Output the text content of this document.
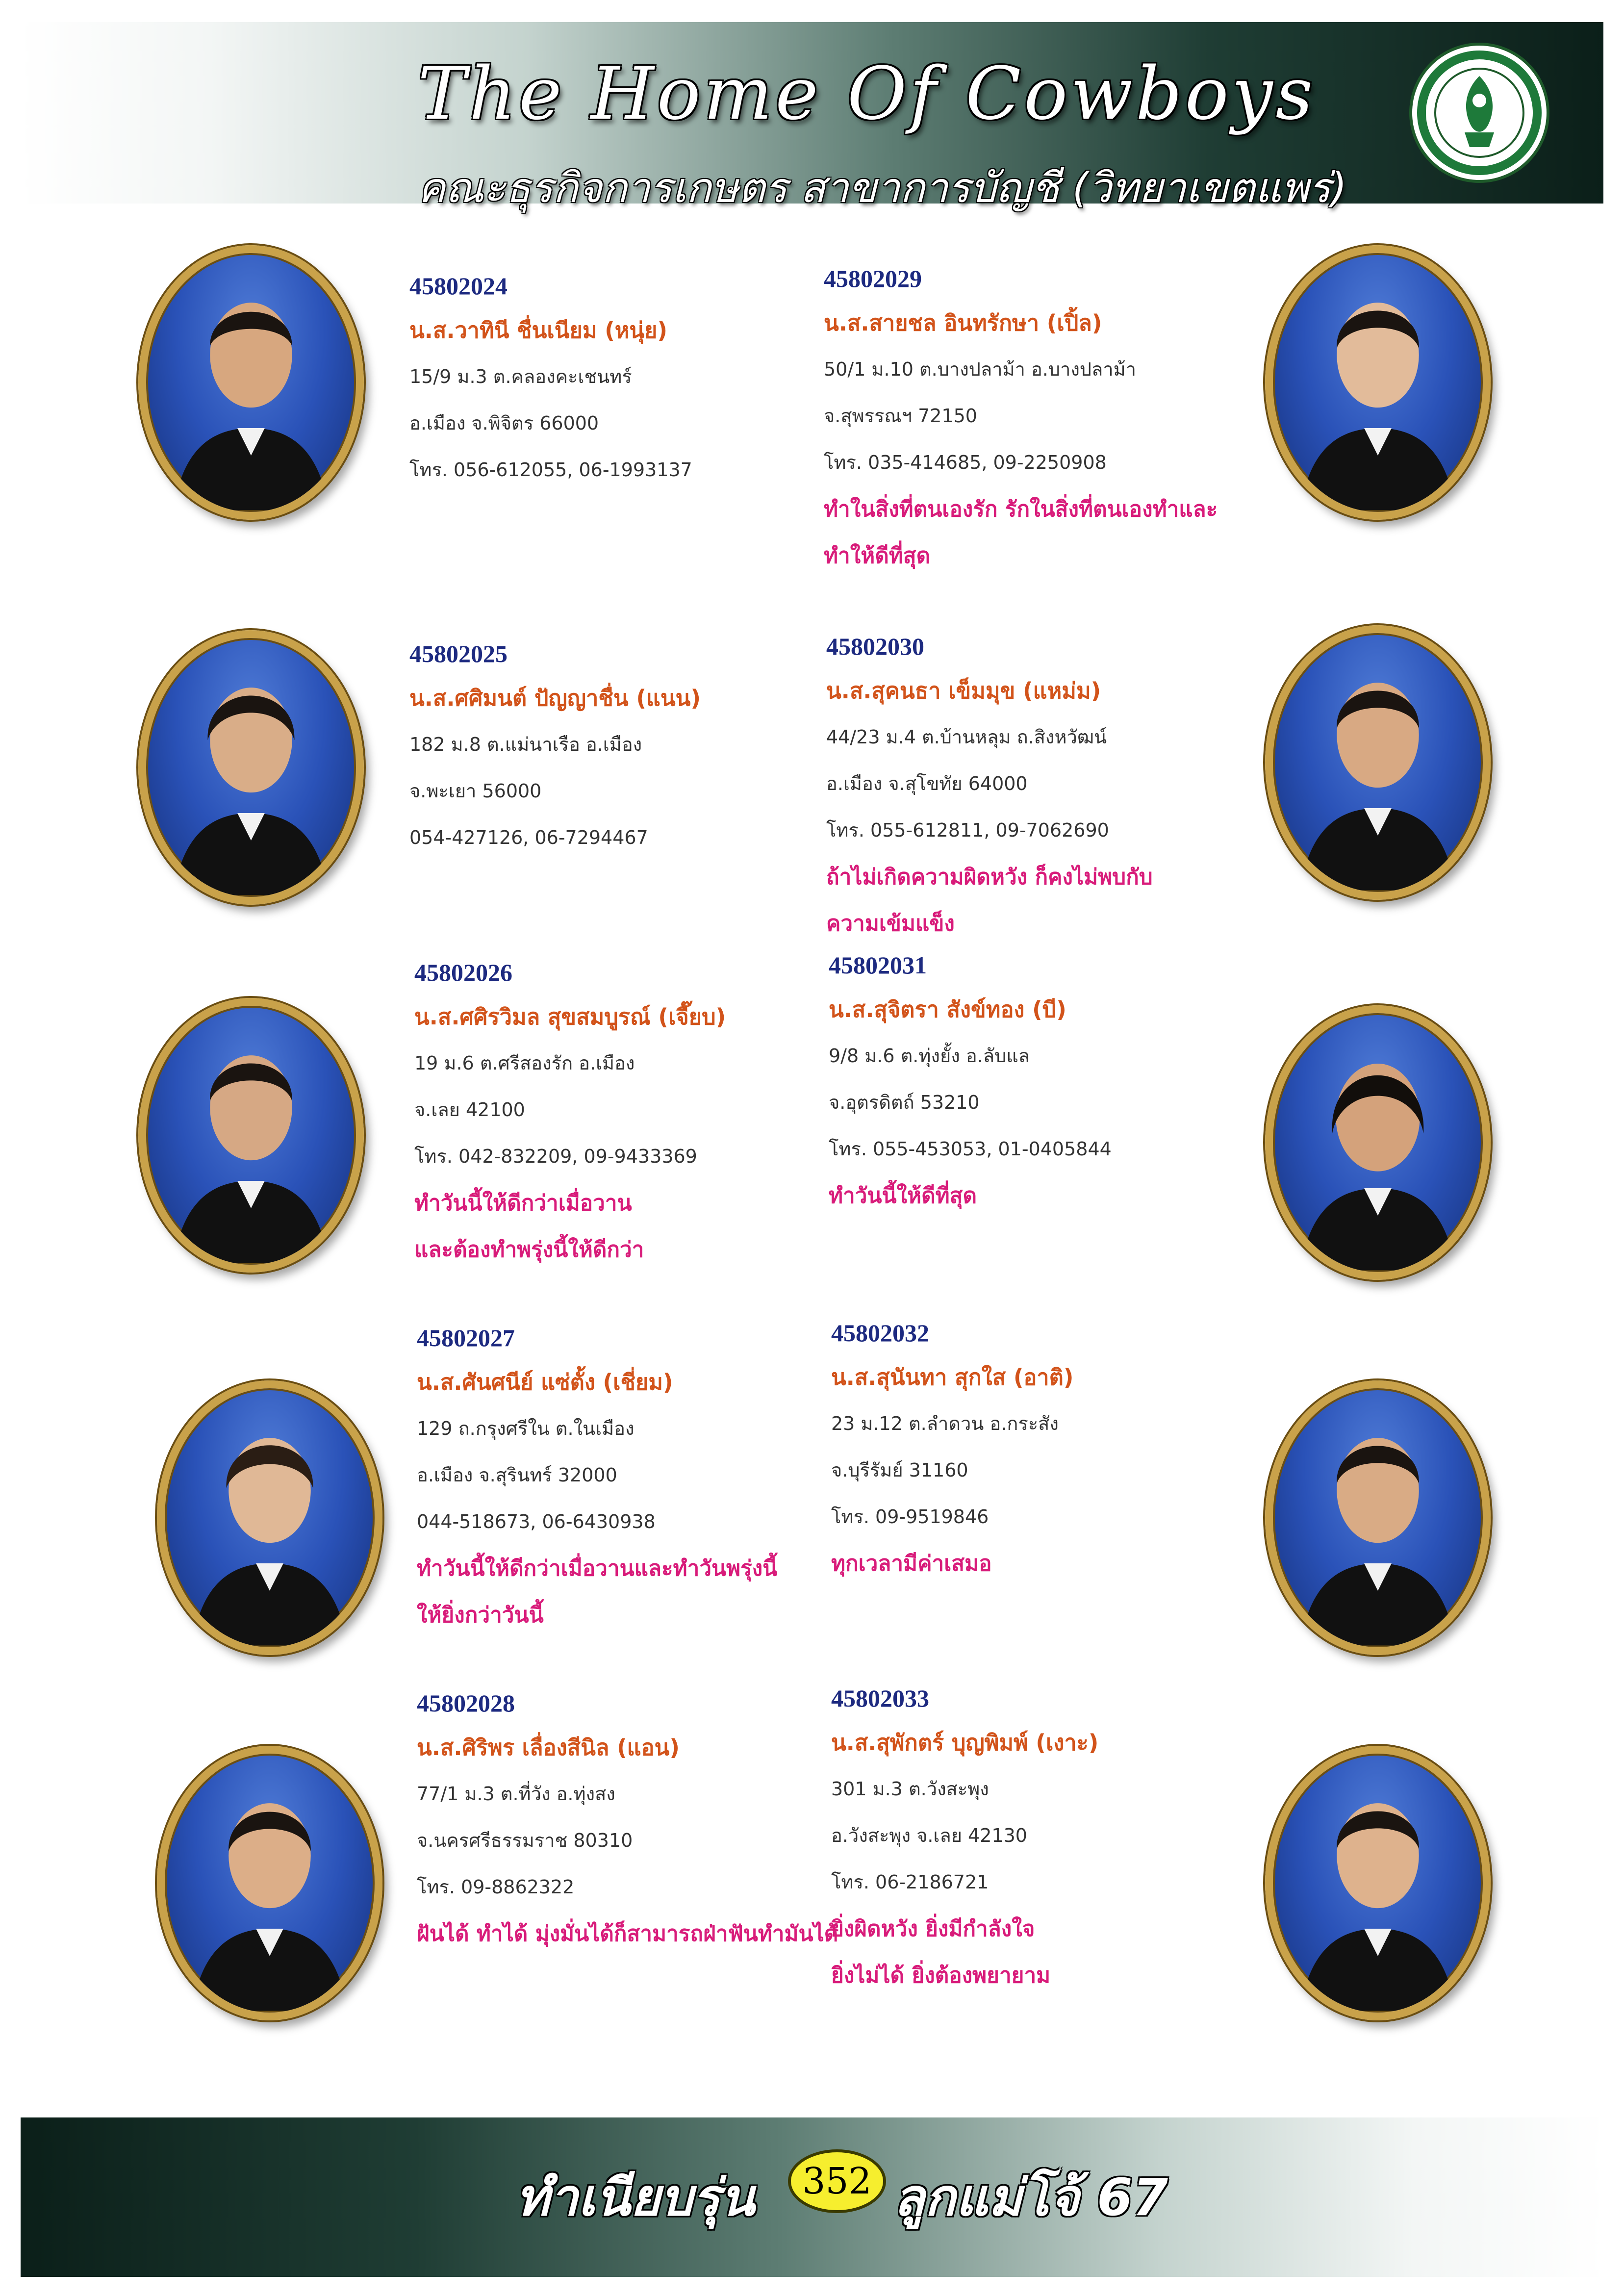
The Home Of Cowboys
คณะธุรกิจการเกษตร สาขาการบัญชี (วิทยาเขตแพร่)
45802024
น.ส.วาทินี ชื่นเนียม (หนุ่ย)
15/9 ม.3 ต.คลองคะเชนทร์
อ.เมือง จ.พิจิตร 66000
โทร. 056-612055, 06-1993137
45802025
น.ส.ศศิมนต์ ปัญญาชื่น (แนน)
182 ม.8 ต.แม่นาเรือ อ.เมือง
จ.พะเยา 56000
054-427126, 06-7294467
45802026
น.ส.ศศิรวิมล สุขสมบูรณ์ (เจี๊ยบ)
19 ม.6 ต.ศรีสองรัก อ.เมือง
จ.เลย 42100
โทร. 042-832209, 09-9433369
ทำวันนี้ให้ดีกว่าเมื่อวาน
และต้องทำพรุ่งนี้ให้ดีกว่า
45802027
น.ส.ศันศนีย์ แซ่ตั้ง (เชี่ยม)
129 ถ.กรุงศรีใน ต.ในเมือง
อ.เมือง จ.สุรินทร์ 32000
044-518673, 06-6430938
ทำวันนี้ให้ดีกว่าเมื่อวานและทำวันพรุ่งนี้
ให้ยิ่งกว่าวันนี้
45802028
น.ส.ศิริพร เลื่องสีนิล (แอน)
77/1 ม.3 ต.ที่วัง อ.ทุ่งสง
จ.นครศรีธรรมราช 80310
โทร. 09-8862322
ฝันได้ ทำได้ มุ่งมั่นได้ก็สามารถฝ่าฟันทำมันได้
45802029
น.ส.สายชล อินทรักษา (เปิ้ล)
50/1 ม.10 ต.บางปลาม้า อ.บางปลาม้า
จ.สุพรรณฯ 72150
โทร. 035-414685, 09-2250908
ทำในสิ่งที่ตนเองรัก รักในสิ่งที่ตนเองทำและ
ทำให้ดีที่สุด
45802030
น.ส.สุคนธา เข็มมุข (แหม่ม)
44/23 ม.4 ต.บ้านหลุม ถ.สิงหวัฒน์
อ.เมือง จ.สุโขทัย 64000
โทร. 055-612811, 09-7062690
ถ้าไม่เกิดความผิดหวัง ก็คงไม่พบกับ
ความเข้มแข็ง
45802031
น.ส.สุจิตรา สังข์ทอง (บี)
9/8 ม.6 ต.ทุ่งยั้ง อ.ลับแล
จ.อุตรดิตถ์ 53210
โทร. 055-453053, 01-0405844
ทำวันนี้ให้ดีที่สุด
45802032
น.ส.สุนันทา สุกใส (อาติ)
23 ม.12 ต.ลำดวน อ.กระสัง
จ.บุรีรัมย์ 31160
โทร. 09-9519846
ทุกเวลามีค่าเสมอ
45802033
น.ส.สุพักตร์ บุญพิมพ์ (เงาะ)
301 ม.3 ต.วังสะพุง
อ.วังสะพุง จ.เลย 42130
โทร. 06-2186721
ยิ่งผิดหวัง ยิ่งมีกำลังใจ
ยิ่งไม่ได้ ยิ่งต้องพยายาม
ทำเนียบรุ่น	352 ลูกแม่โจ้ 67
